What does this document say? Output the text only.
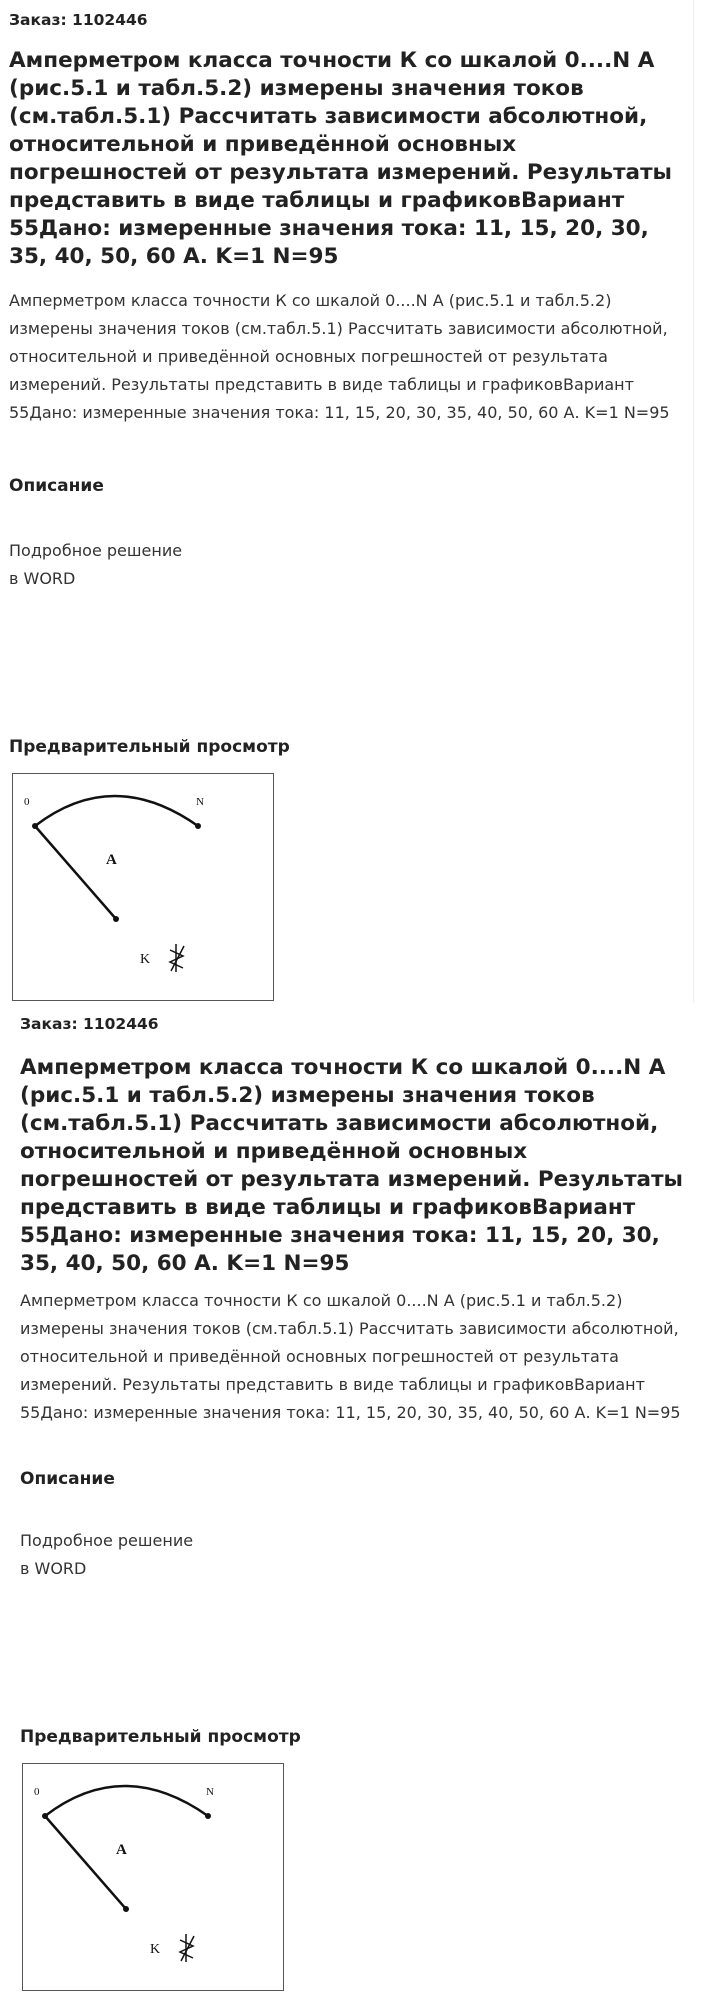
Заказ: 1102446
Амперметром класса точности К со шкалой 0....N А (рис.5.1 и табл.5.2) измерены значения токов (см.табл.5.1) Рассчитать зависимости абсолютной, относительной и приведённой основных погрешностей от результата измерений. Результаты представить в виде таблицы и графиковВариант 55Дано: измеренные значения тока: 11, 15, 20, 30, 35, 40, 50, 60 А. K=1 N=95

Амперметром класса точности К со шкалой 0....N А (рис.5.1 и табл.5.2) измерены значения токов (см.табл.5.1) Рассчитать зависимости абсолютной, относительной и приведённой основных погрешностей от результата измерений. Результаты представить в виде таблицы и графиковВариант 55Дано: измеренные значения тока: 11, 15, 20, 30, 35, 40, 50, 60 А. K=1 N=95

Описание
Подробное решение
в WORD
Предварительный просмотр
0	N
A
K
Заказ: 1102446
Амперметром класса точности К со шкалой 0....N А (рис.5.1 и табл.5.2) измерены значения токов (см.табл.5.1) Рассчитать зависимости абсолютной, относительной и приведённой основных погрешностей от результата измерений. Результаты представить в виде таблицы и графиковВариант 55Дано: измеренные значения тока: 11, 15, 20, 30, 35, 40, 50, 60 А. K=1 N=95

Амперметром класса точности К со шкалой 0....N А (рис.5.1 и табл.5.2) измерены значения токов (см.табл.5.1) Рассчитать зависимости абсолютной, относительной и приведённой основных погрешностей от результата измерений. Результаты представить в виде таблицы и графиковВариант 55Дано: измеренные значения тока: 11, 15, 20, 30, 35, 40, 50, 60 А. K=1 N=95

Описание
Подробное решение
в WORD
Предварительный просмотр
0	N
A
K
